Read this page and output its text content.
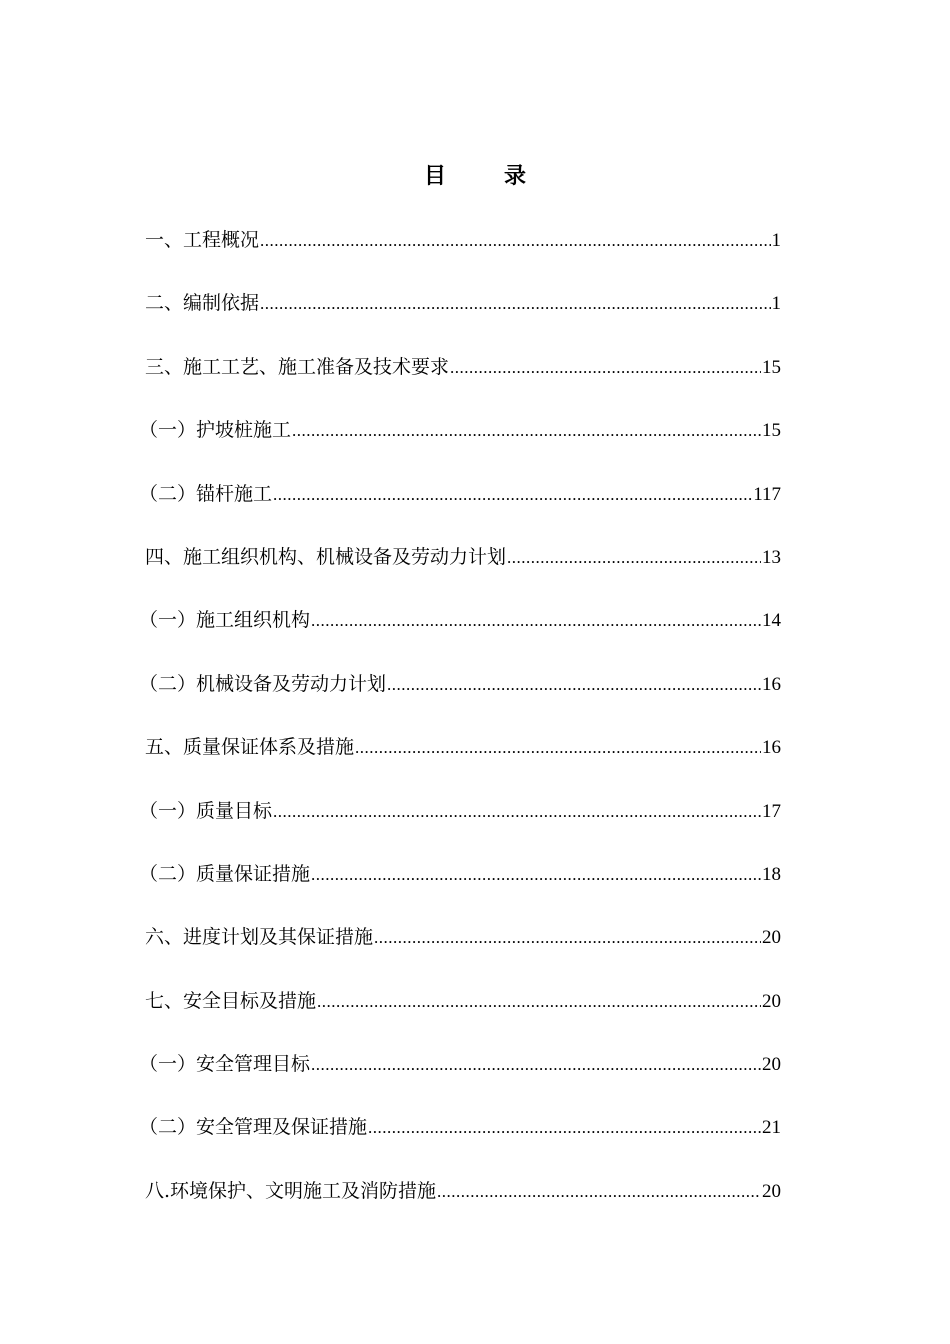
目	录
一、工程概况 .....	1
二、编制依据 .....	1
三、施工工艺、施工准备及技术要求 .....	15
（一）护坡桩施工 .....	15
（二）锚杆施工 .....	117
四、施工组织机构、机械设备及劳动力计划 .....	13
（一）施工组织机构 .....	14
（二）机械设备及劳动力计划 .....	16
五、质量保证体系及措施 .....	16
（一）质量目标 .....	17
（二）质量保证措施 .....	18
六、进度计划及其保证措施 .....	20
七、安全目标及措施 .....	20
（一）安全管理目标 .....	20
（二）安全管理及保证措施 .....	21
八.环境保护、文明施工及消防措施 .....	20
